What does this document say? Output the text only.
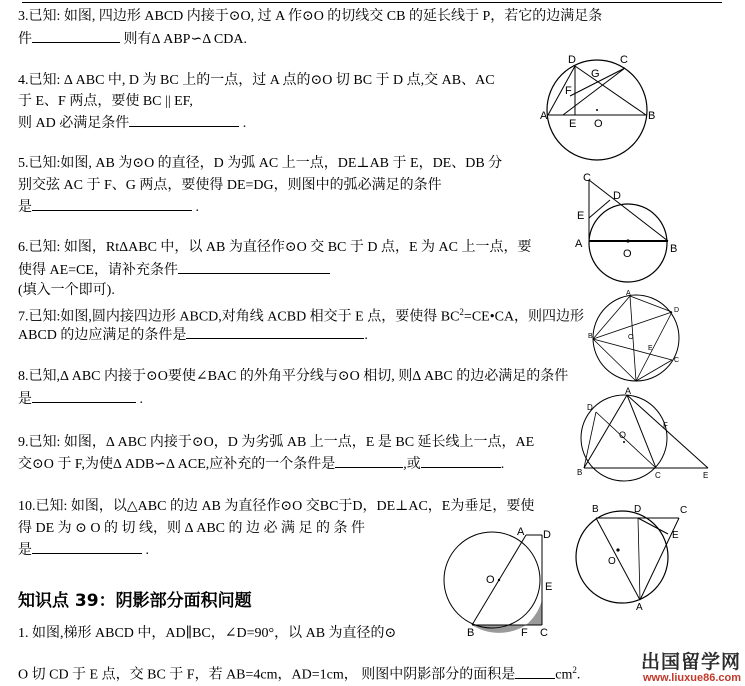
3.已知: 如图, 四边形 ABCD 内接于⊙O, 过 A 作⊙O 的切线交 CB 的延长线于 P，若它的边满足条

件	则有Δ ABP∽Δ CDA.

4.已知: Δ ABC 中, D 为 BC 上的一点，过 A 点的⊙O 切 BC 于 D 点,交 AB、AC

于 E、F 两点，要使 BC || EF,

则 AD 必满足条件	.

5.已知:如图, AB 为⊙O 的直径，D 为弧 AC 上一点，DE⊥AB 于 E，DE、DB 分

别交弦 AC 于 F、G 两点，要使得 DE=DG，则图中的弧必满足的条件

是	.

6.已知: 如图，RtΔABC 中，以 AB 为直径作⊙O 交 BC 于 D 点，E 为 AC 上一点，要

使得 AE=CE，请补充条件

(填入一个即可).

7.已知:如图,圆内接四边形 ABCD,对角线 ACBD 相交于 E 点，要使得 $BC^2=CE•CA$，则四边形

ABCD 的边应满足的条件是	.

8.已知,Δ ABC 内接于⊙O要使∠BAC 的外角平分线与⊙O 相切, 则Δ ABC 的边必满足的条件

是	.

9.已知: 如图，Δ ABC 内接于⊙O，D 为劣弧 AB 上一点，E 是 BC 延长线上一点，AE

交⊙O 于 F,为使Δ ADB∽Δ ACE,应补充的一个条件是	,或	.

10.已知: 如图，以△ABC 的边 AB 为直径作⊙O 交BC于D，DE⊥AC，E为垂足，要使

得 DE 为 ⊙ O 的 切 线，则 Δ ABC 的 边 必 满 足 的 条 件

是	.

知识点 39：阴影部分面积问题

1. 如图,梯形 ABCD 中，AD∥BC，∠D=90°，以 AB 为直径的⊙

O 切 CD 于 E 点，交 BC 于 F，若 AB=4cm，AD=1cm， 则图中阴影部分的面积是	$cm^2$.

D	C
G
F
A
E O
B
C
D
E
A
O	B
A
D
O
E
B
C
A
O
F
D
B	C	E
A D
O
E
B	F C
B	D	C
O
E
A
出国留学网
www.liuxue86.com
